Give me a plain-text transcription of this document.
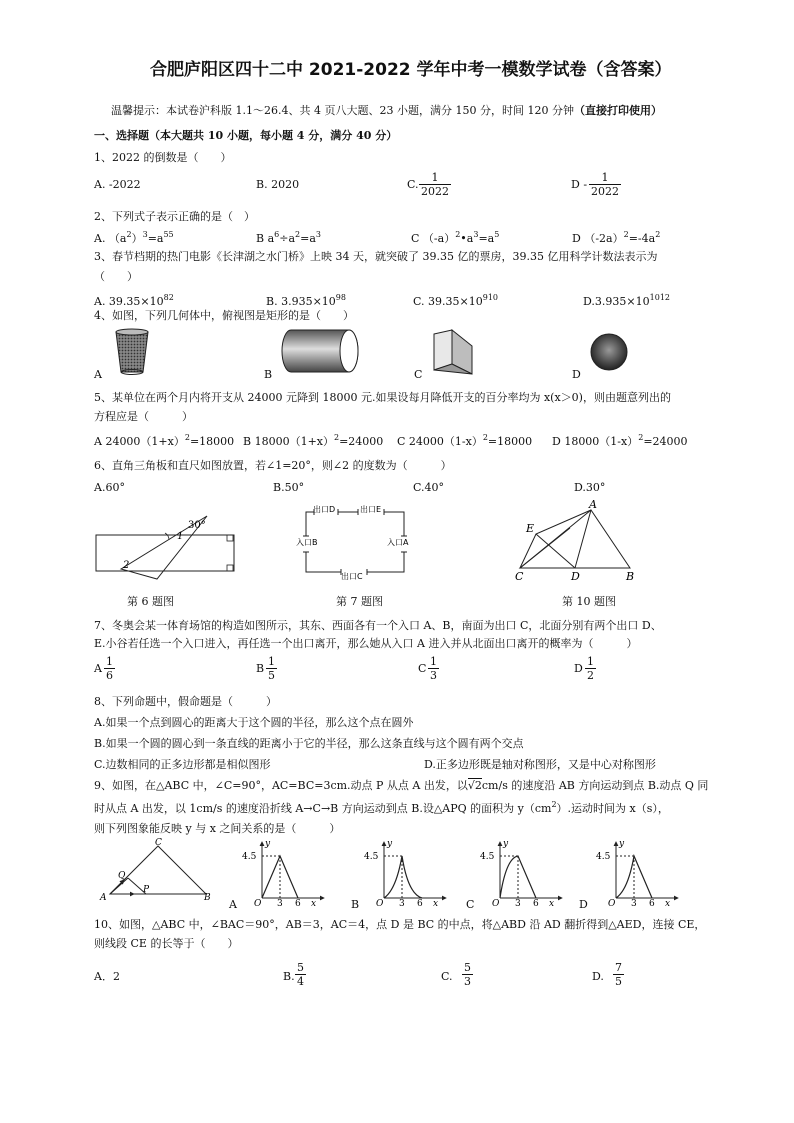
合肥庐阳区四十二中 2021-2022 学年中考一模数学试卷（含答案）
温馨提示：本试卷沪科版 1.1～26.4、共 4 页八大题、23 小题，满分 150 分，时间 120 分钟（直接打印使用）
一、选择题（本大题共 10 小题，每小题 4 分，满分 40 分）
1、2022 的倒数是（　　）
A. -2022	B. 2020	C. $\frac{1}{2022}$	D - $\frac{1}{2022}$
2、下列式子表示正确的是（　）
A. $(a^2)^3=a^{55}$	B $a^6\div a^2=a^3$	C $(-a)^2•a^3=a^5$	D $(-2a)^2=-4a^2$
3、春节档期的热门电影《长津湖之水门桥》上映 34 天，就突破了 39.35 亿的票房，39.35 亿用科学计数法表示为
（　　）
A. $39.35\times 10^{82}$	B. $3.935\times 10^{98}$	C. $39.35\times 10^{910}$	$D.3.935\times 10^{1012}$
4、如图，下列几何体中，俯视图是矩形的是（　　）
A	B	C	D
5、某单位在两个月内将开支从 24000 元降到 18000 元.如果设每月降低开支的百分率均为 x(x＞0)，则由题意列出的
方程应是（　　　）
A $24000(1+x)^2=18000$ B $18000(1+x)^2=24000$ C $24000(1-x)^2=18000$ D $18000(1-x)^2=24000$
6、直角三角板和直尺如图放置，若∠1=20°，则∠2 的度数为（　　　）
A.60°	B.50°	C.40°	D.30°
30°
1
2
出口D	出口E
入口B	入口A
出口C
A
E
C	D	B
第 6 题图	第 7 题图	第 10 题图
7、冬奥会某一体育场馆的构造如图所示，其东、西面各有一个入口 A、B，南面为出口 C，北面分别有两个出口 D、
E.小谷若任选一个入口进入，再任选一个出口离开，那么她从入口 A 进入并从北面出口离开的概率为（　　　）
A $\frac{1}{6}$	B $\frac{1}{5}$	C $\frac{1}{3}$	D $\frac{1}{2}$
8、下列命题中，假命题是（　　　）
A.如果一个点到圆心的距离大于这个圆的半径，那么这个点在圆外
B.如果一个圆的圆心到一条直线的距离小于它的半径，那么这条直线与这个圆有两个交点
C.边数相同的正多边形都是相似图形	D.正多边形既是轴对称图形，又是中心对称图形
9、如图，在△ABC 中，∠C=90°，AC=BC=3cm.动点 P 从点 A 出发，以√2cm/s 的速度沿 AB 方向运动到点 B.动点 Q 同
时从点 A 出发，以 1cm/s 的速度沿折线 A→C→B 方向运动到点 B.设△APQ 的面积为 $y(cm^2)$.运动时间为 x（s），
则下列图象能反映 y 与 x 之间关系的是（　　　）
C
Q
A
P
B
y
4.5
O 3 6 x
A
y
4.5
O 3 6 x
B
y
4.5
O 3 6 x
C
y
4.5
O 3 6 x
D
10、如图，△ABC 中，∠BAC＝90°，AB＝3，AC＝4，点 D 是 BC 的中点，将△ABD 沿 AD 翻折得到△AED，连接 CE，
则线段 CE 的长等于（　　）
A．2	B. $\frac{5}{4}$	C. $\frac{5}{3}$	D. $\frac{7}{5}$
